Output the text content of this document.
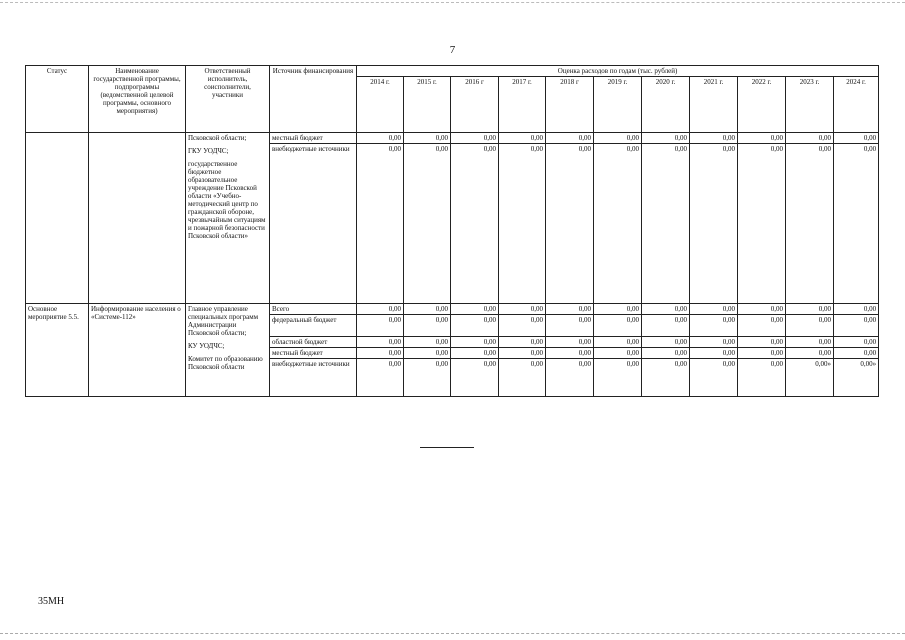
7
Статус	Наименование государственной программы, подпрограммы (ведомственной целевой программы, основного мероприятия)	Ответственный исполнитель, соисполнители, участники	Источник финансирования	Оценка расходов по годам (тыс. рублей)										
				2014 г.	2015 г.	2016 г	2017 г.	2018 г	2019 г.	2020 г.	2021 г.	2022 г.	2023 г.	2024 г.

		Псковской области;
ГКУ УОДЧС;
государственное бюджетное образовательное учреждение Псковской области «Учебно-методический центр по гражданской обороне, чрезвычайным ситуациям и пожарной безопасности Псковской области»	местный бюджет	0,00	0,00	0,00	0,00	0,00	0,00	0,00	0,00	0,00	0,00	0,00
			внебюджетные источники	0,00	0,00	0,00	0,00	0,00	0,00	0,00	0,00	0,00	0,00	0,00
Основное мероприятие 5.5.	Информирование населения о «Системе-112»	Главное управление специальных программ Администрации Псковской области;
КУ УОДЧС;
Комитет по образованию Псковской области	Всего	0,00	0,00	0,00	0,00	0,00	0,00	0,00	0,00	0,00	0,00	0,00
			федеральный бюджет	0,00	0,00	0,00	0,00	0,00	0,00	0,00	0,00	0,00	0,00	0,00
			областной бюджет	0,00	0,00	0,00	0,00	0,00	0,00	0,00	0,00	0,00	0,00	0,00
			местный бюджет	0,00	0,00	0,00	0,00	0,00	0,00	0,00	0,00	0,00	0,00	0,00
			внебюджетные источники	0,00	0,00	0,00	0,00	0,00	0,00	0,00	0,00	0,00	0,00»	0,00»
35МН
